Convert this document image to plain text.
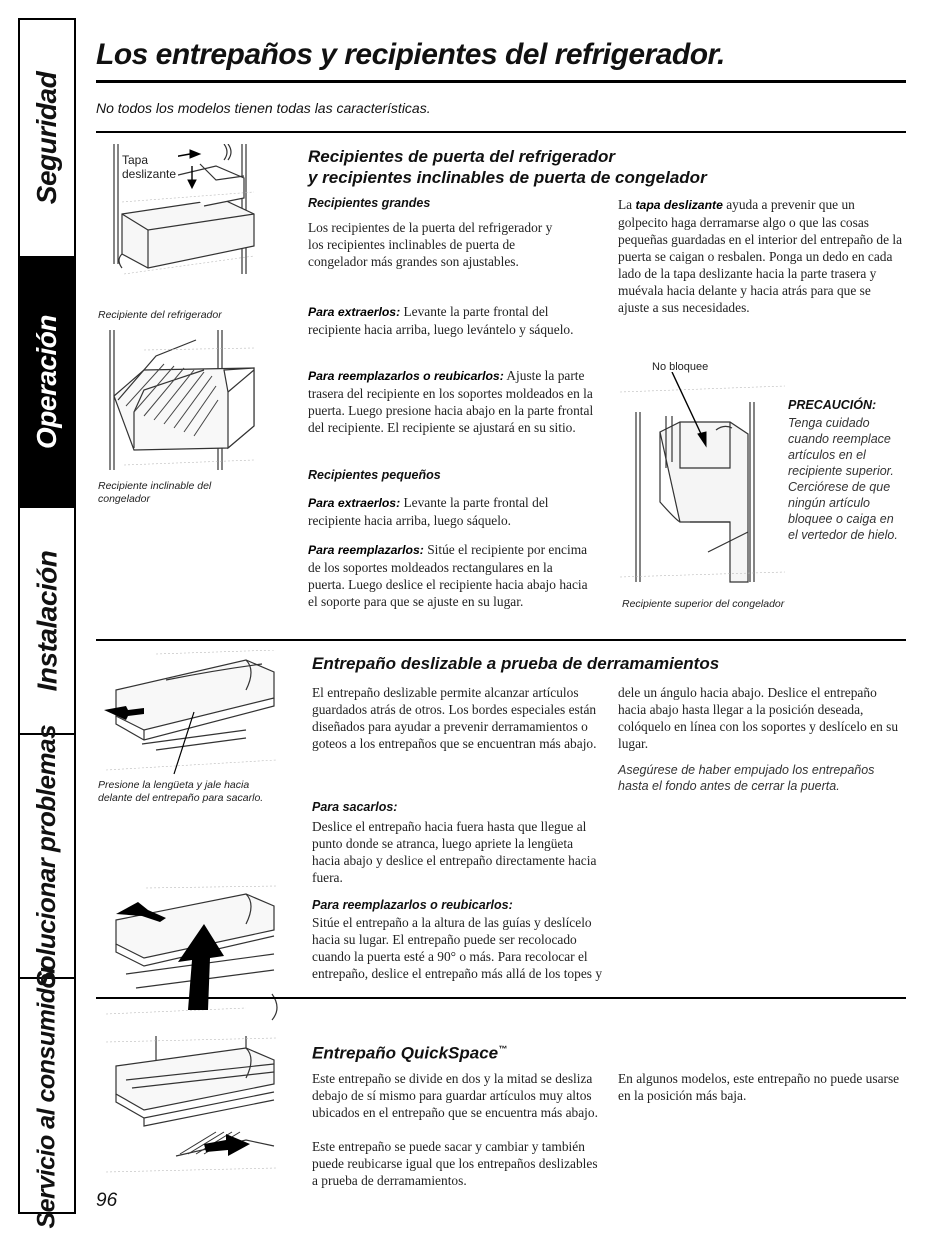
Seguridad
Operación
Instalación
Solucionar problemas
Servicio al consumidor
Los entrepaños y recipientes del refrigerador.
No todos los modelos tienen todas las características.
Recipientes de puerta del refrigerador
y recipientes inclinables de puerta de congelador
Tapa deslizante
Recipiente del refrigerador
Recipiente inclinable del congelador
Recipientes grandes
Los recipientes de la puerta del refrigerador y los recipientes inclinables de puerta de congelador más grandes son ajustables.
Para extraerlos: Levante la parte frontal del recipiente hacia arriba, luego levántelo y sáquelo.
Para reemplazarlos o reubicarlos: Ajuste la parte trasera del recipiente en los soportes moldeados en la puerta. Luego presione hacia abajo en la parte frontal del recipiente. El recipiente se ajustará en su sitio.
Recipientes pequeños
Para extraerlos: Levante la parte frontal del recipiente hacia arriba, luego sáquelo.
Para reemplazarlos: Sitúe el recipiente por encima de los soportes moldeados rectangulares en la puerta. Luego deslice el recipiente hacia abajo hacia el soporte para que se ajuste en su lugar.
La tapa deslizante ayuda a prevenir que un golpecito haga derramarse algo o que las cosas pequeñas guardadas en el interior del entrepaño de la puerta se caigan o resbalen. Ponga un dedo en cada lado de la tapa deslizante hacia la parte trasera y muévala hacia delante y hacia atrás para que se ajuste a sus necesidades.
No bloquee
PRECAUCIÓN:
Tenga cuidado cuando reemplace artículos en el recipiente superior. Cerciórese de que ningún artículo bloquee o caiga en el vertedor de hielo.
Recipiente superior del congelador
Entrepaño deslizable a prueba de derramamientos
Presione la lengüeta y jale hacia delante del entrepaño para sacarlo.
El entrepaño deslizable permite alcanzar artículos guardados atrás de otros. Los bordes especiales están diseñados para ayudar a prevenir derramamientos o goteos a los entrepaños que se encuentran más abajo.
Para sacarlos:
Deslice el entrepaño hacia fuera hasta que llegue al punto donde se atranca, luego apriete la lengüeta hacia abajo y deslice el entrepaño directamente hacia fuera.
Para reemplazarlos o reubicarlos:
Sitúe el entrepaño a la altura de las guías y deslícelo hacia su lugar. El entrepaño puede ser recolocado cuando la puerta esté a 90° o más. Para recolocar el entrepaño, deslice el entrepaño más allá de los topes y
dele un ángulo hacia abajo. Deslice el entrepaño hacia abajo hasta llegar a la posición deseada, colóquelo en línea con los soportes y deslícelo en su lugar.
Asegúrese de haber empujado los entrepaños hasta el fondo antes de cerrar la puerta.
Entrepaño QuickSpace™
Este entrepaño se divide en dos y la mitad se desliza debajo de sí mismo para guardar artículos muy altos ubicados en el entrepaño que se encuentra más abajo.
Este entrepaño se puede sacar y cambiar y también puede reubicarse igual que los entrepaños deslizables a prueba de derramamientos.
En algunos modelos, este entrepaño no puede usarse en la posición más baja.
96
